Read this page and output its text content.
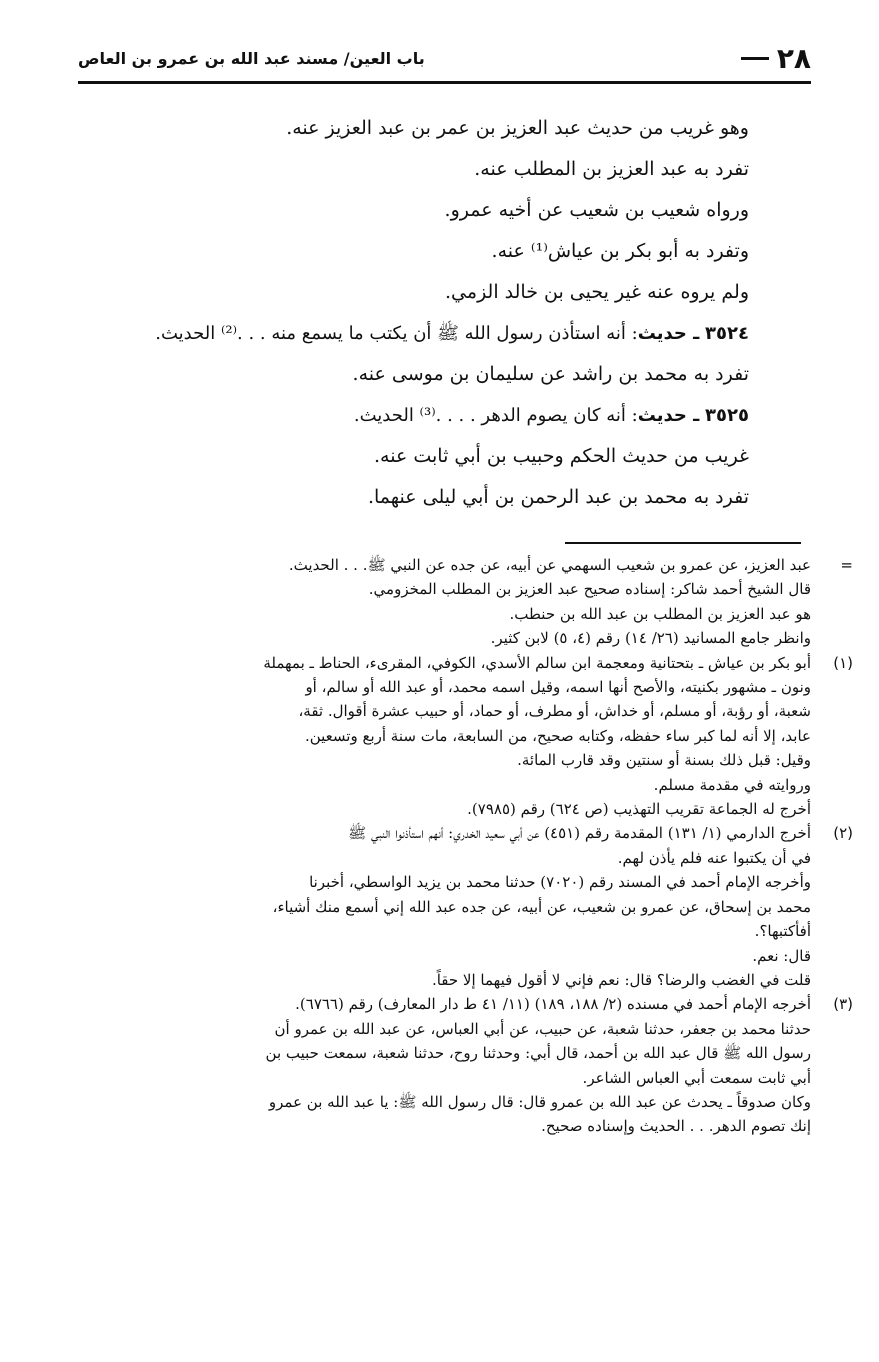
٢٨
باب العين/ مسند عبد الله بن عمرو بن العاص
وهو غريب من حديث عبد العزيز بن عمر بن عبد العزيز عنه.
تفرد به عبد العزيز بن المطلب عنه.
ورواه شعيب بن شعيب عن أخيه عمرو.
وتفرد به أبو بكر بن عياش⁽¹⁾ عنه.
ولم يروه عنه غير يحيى بن خالد الزمي.
٣٥٢٤ ـ حديث: أنه استأذن رسول الله ﷺ أن يكتب ما يسمع منه . . .⁽²⁾ الحديث.
تفرد به محمد بن راشد عن سليمان بن موسى عنه.
٣٥٢٥ ـ حديث: أنه كان يصوم الدهر . . . .⁽³⁾ الحديث.
غريب من حديث الحكم وحبيب بن أبي ثابت عنه.
تفرد به محمد بن عبد الرحمن بن أبي ليلى عنهما.
=
عبد العزيز، عن عمرو بن شعيب السهمي عن أبيه، عن جده عن النبي ﷺ. . . الحديث.
قال الشيخ أحمد شاكر: إسناده صحيح عبد العزيز بن المطلب المخزومي.
هو عبد العزيز بن المطلب بن عبد الله بن حنطب.
وانظر جامع المسانيد (٢٦/ ١٤) رقم (٤، ٥) لابن كثير.
(١)
أبو بكر بن عياش ـ بتحتانية ومعجمة ابن سالم الأسدي، الكوفي، المقرىء، الحناط ـ بمهملة
ونون ـ مشهور بكنيته، والأصح أنها اسمه، وقيل اسمه محمد، أو عبد الله أو سالم، أو
شعبة، أو رؤبة، أو مسلم، أو خداش، أو مطرف، أو حماد، أو حبيب عشرة أقوال. ثقة،
عابد، إلا أنه لما كبر ساء حفظه، وكتابه صحيح، من السابعة، مات سنة أربع وتسعين.
وقيل: قبل ذلك بسنة أو سنتين وقد قارب المائة.
وروايته في مقدمة مسلم.
أخرج له الجماعة تقريب التهذيب (ص ٦٢٤) رقم (٧٩٨٥).
(٢)
أخرج الدارمي (١/ ١٣١) المقدمة رقم (٤٥١) عن أبي سعيد الخدري: أنهم استأذنوا النبي ﷺ
في أن يكتبوا عنه فلم يأذن لهم.
وأخرجه الإمام أحمد في المسند رقم (٧٠٢٠) حدثنا محمد بن يزيد الواسطي، أخبرنا
محمد بن إسحاق، عن عمرو بن شعيب، عن أبيه، عن جده عبد الله إني أسمع منك أشياء،
أفأكتبها؟.
قال: نعم.
قلت في الغضب والرضا؟ قال: نعم فإني لا أقول فيهما إلا حقاً.
(٣)
أخرجه الإمام أحمد في مسنده (٢/ ١٨٨، ١٨٩) (١١/ ٤١ ط دار المعارف) رقم (٦٧٦٦).
حدثنا محمد بن جعفر، حدثنا شعبة، عن حبيب، عن أبي العباس، عن عبد الله بن عمرو أن
رسول الله ﷺ قال عبد الله بن أحمد، قال أبي: وحدثنا روح، حدثنا شعبة، سمعت حبيب بن
أبي ثابت سمعت أبي العباس الشاعر.
وكان صدوقاً ـ يحدث عن عبد الله بن عمرو قال: قال رسول الله ﷺ: يا عبد الله بن عمرو
إنك تصوم الدهر. . . الحديث وإسناده صحيح.
